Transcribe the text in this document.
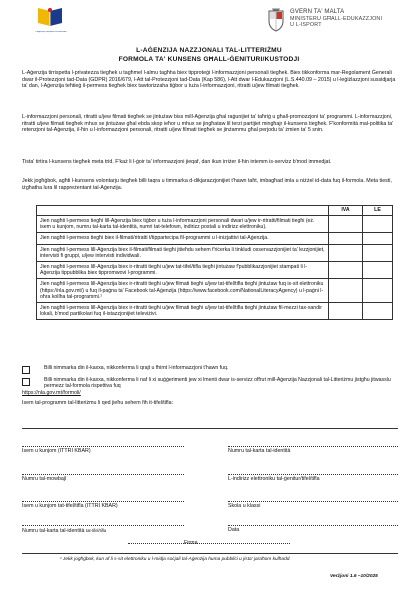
L-Aġenzija Nazzjonali tal-Litteriżmu
GVERN TA' MALTA
MINISTERU GĦALL-EDUKAZZJONI
U L-ISPORT
L-AĠENZIJA NAZZJONALI TAL-LITTERIŻMU
FORMOLA TA' KUNSENS GĦALL-ĠENITURI/KUSTODJI
L-Aġenzija tirrispetta l-privatezza tiegħek u tagħmel l-almu tagħha biex tipproteġi l-informazzjoni personali tiegħek. Biex tikkonforma mar-Regolament Ġenerali dwar il-Protezzjoni tad-Data (GDPR) 2016/679, l-Att tal-Protezzjoni tad-Data (Kap 586), l-Att dwar l-Edukazzjoni (L.S.440.09 – 2015) u l-leġiżlazzjoni sussidjarja ta' dan, l-Aġenzija teħtieġ il-permess tiegħek biex tawtorizzaha tiġbor u tuża l-informazzjoni, ritratti u/jew filmati tiegħek.
L-informazzjoni personali, ritratti u/jew filmati tiegħek se jintużaw biss mill-Aġenzija għal raġunijiet ta' taħriġ u għall-promozzjoni ta' programmi. L-informazzjoni, ritratti u/jew filmati tiegħek mhux se jintużaw għal ebda skop ieħor u mhux se jingħataw lil terzi partijiet mingħajr il-kunsens tiegħek. F'konformità mal-politika ta' retenzjoni tal-Aġenzija, il-ħin u l-informazzjoni personali, ritratti u/jew filmati tiegħek se jinżammu għal perjodu ta' żmien ta' 5 snin.
Tista' tirtira l-kunsens tiegħek meta trid. F'każ li l-ġoir ta' informazzjoni jieqaf, dan ikun irriżer il-ħin intemm is-servizz b'mod immedjat.
Jekk jogħġbok, agħti l-kunsens volontarju tiegħek billi taqra u timmarka d-dikjarazzjonijiet t'hawn taħt, imbagħad imla u niżżel id-data fuq il-formola. Meta tiesti, iżgħatha lura lil rappreżentant tal-Aġenzija.
	IVA	LE
Jien nagħti l-permess tiegħi lill-Aġenzija biex tiġbor u tuża l-informazzjoni personali dwari u/jew ir-ritratti/filmati tiegħi (eż. isem u kunjom, numru tal-karta tal-identità, numri tat-telefown, indirizz postali u indirizz elettroniku).		
Jien nagħti l-permess tiegħi biex il-filmati/ritratti t/tippartecipa fil-programmi u l-inizjattivi tal-Aġenzija.		
Jien nagħti l-permess lill-Aġenzija biex il-filmati/filmati tiegħi jitieħdu sehem f'riċerka li tinkludi osservazzjonijiet ta' lezzjonijiet, intervisti fi gruppi, u/jew intervisti individwali.		
Jien nagħti l-permess lill-Aġenzija biex ir-ritratti tiegħi u/jew tat-tifel/tifla tiegħi jintużaw f'pubblikazzjonijiet stampati li l-Aġenzija tippubblika biex tippromwovi l-programmi.		
Jien nagħti l-permess lill-Aġenzija biex ir-ritratti tiegħi u/jew filmati tiegħi u/jew tat-tifel/tifla tiegħi jintużaw fuq is-sit elettroniku (https://nla.gov.mt/) u fuq il-paġna ta' Facebook tal-Aġenzija (https://www.facebook.com/NationalLiteracyAgency) u l-paġni l-oħra kollha tal-programmi.¹		
Jien nagħti l-permess lill-Aġenzija biex ir-ritratti tiegħi u/jew filmati tiegħi u/jew tat-tifel/tifla tiegħi jintużaw fil-mezzi tax-xandir lokali, b'mod partikolari fuq il-istazzjonijiet televiżivi.		
Billi nimmarka din il-kaxxa, nikkonferma li qrajt u fhimt l-informazzjoni t'hawn fuq.
Billi nimmarka din il-kaxxa, nikkonferma li naf li xi suġġerimenti jew xi lmenti dwar is-servizz offrut mill-Aġenzija Nazzjonali tal-Litteriżmu jistgħu jitwasslu permezz tal-formola rispettiva fuq
https://nla.gov.mt/formoli/
Isem tal-programm tal-litteriżmu li qed jieħu sehem fih it-tifel/tifla:
Isem u kunjom (ITTRI KBAR)	Numru tal-karta tal-identità
Numru tal-mowbajl	L-indirizz elettroniku tal-ġenitur/tifel/tifla
Isem u kunjom tat-tifel/tifla (ITTRI KBAR)	Skola u klassi
Numru tal-karta tal-identità tat-tifel/tifla	Data
Firma
¹ Jekk jogħġbok, kun af li s-sit elettroniku u l-midja soċjali tal-Aġenzija huma pubbliċi u jista' jaraħom kulħadd.
Verżjoni 1.6 –10/2025
